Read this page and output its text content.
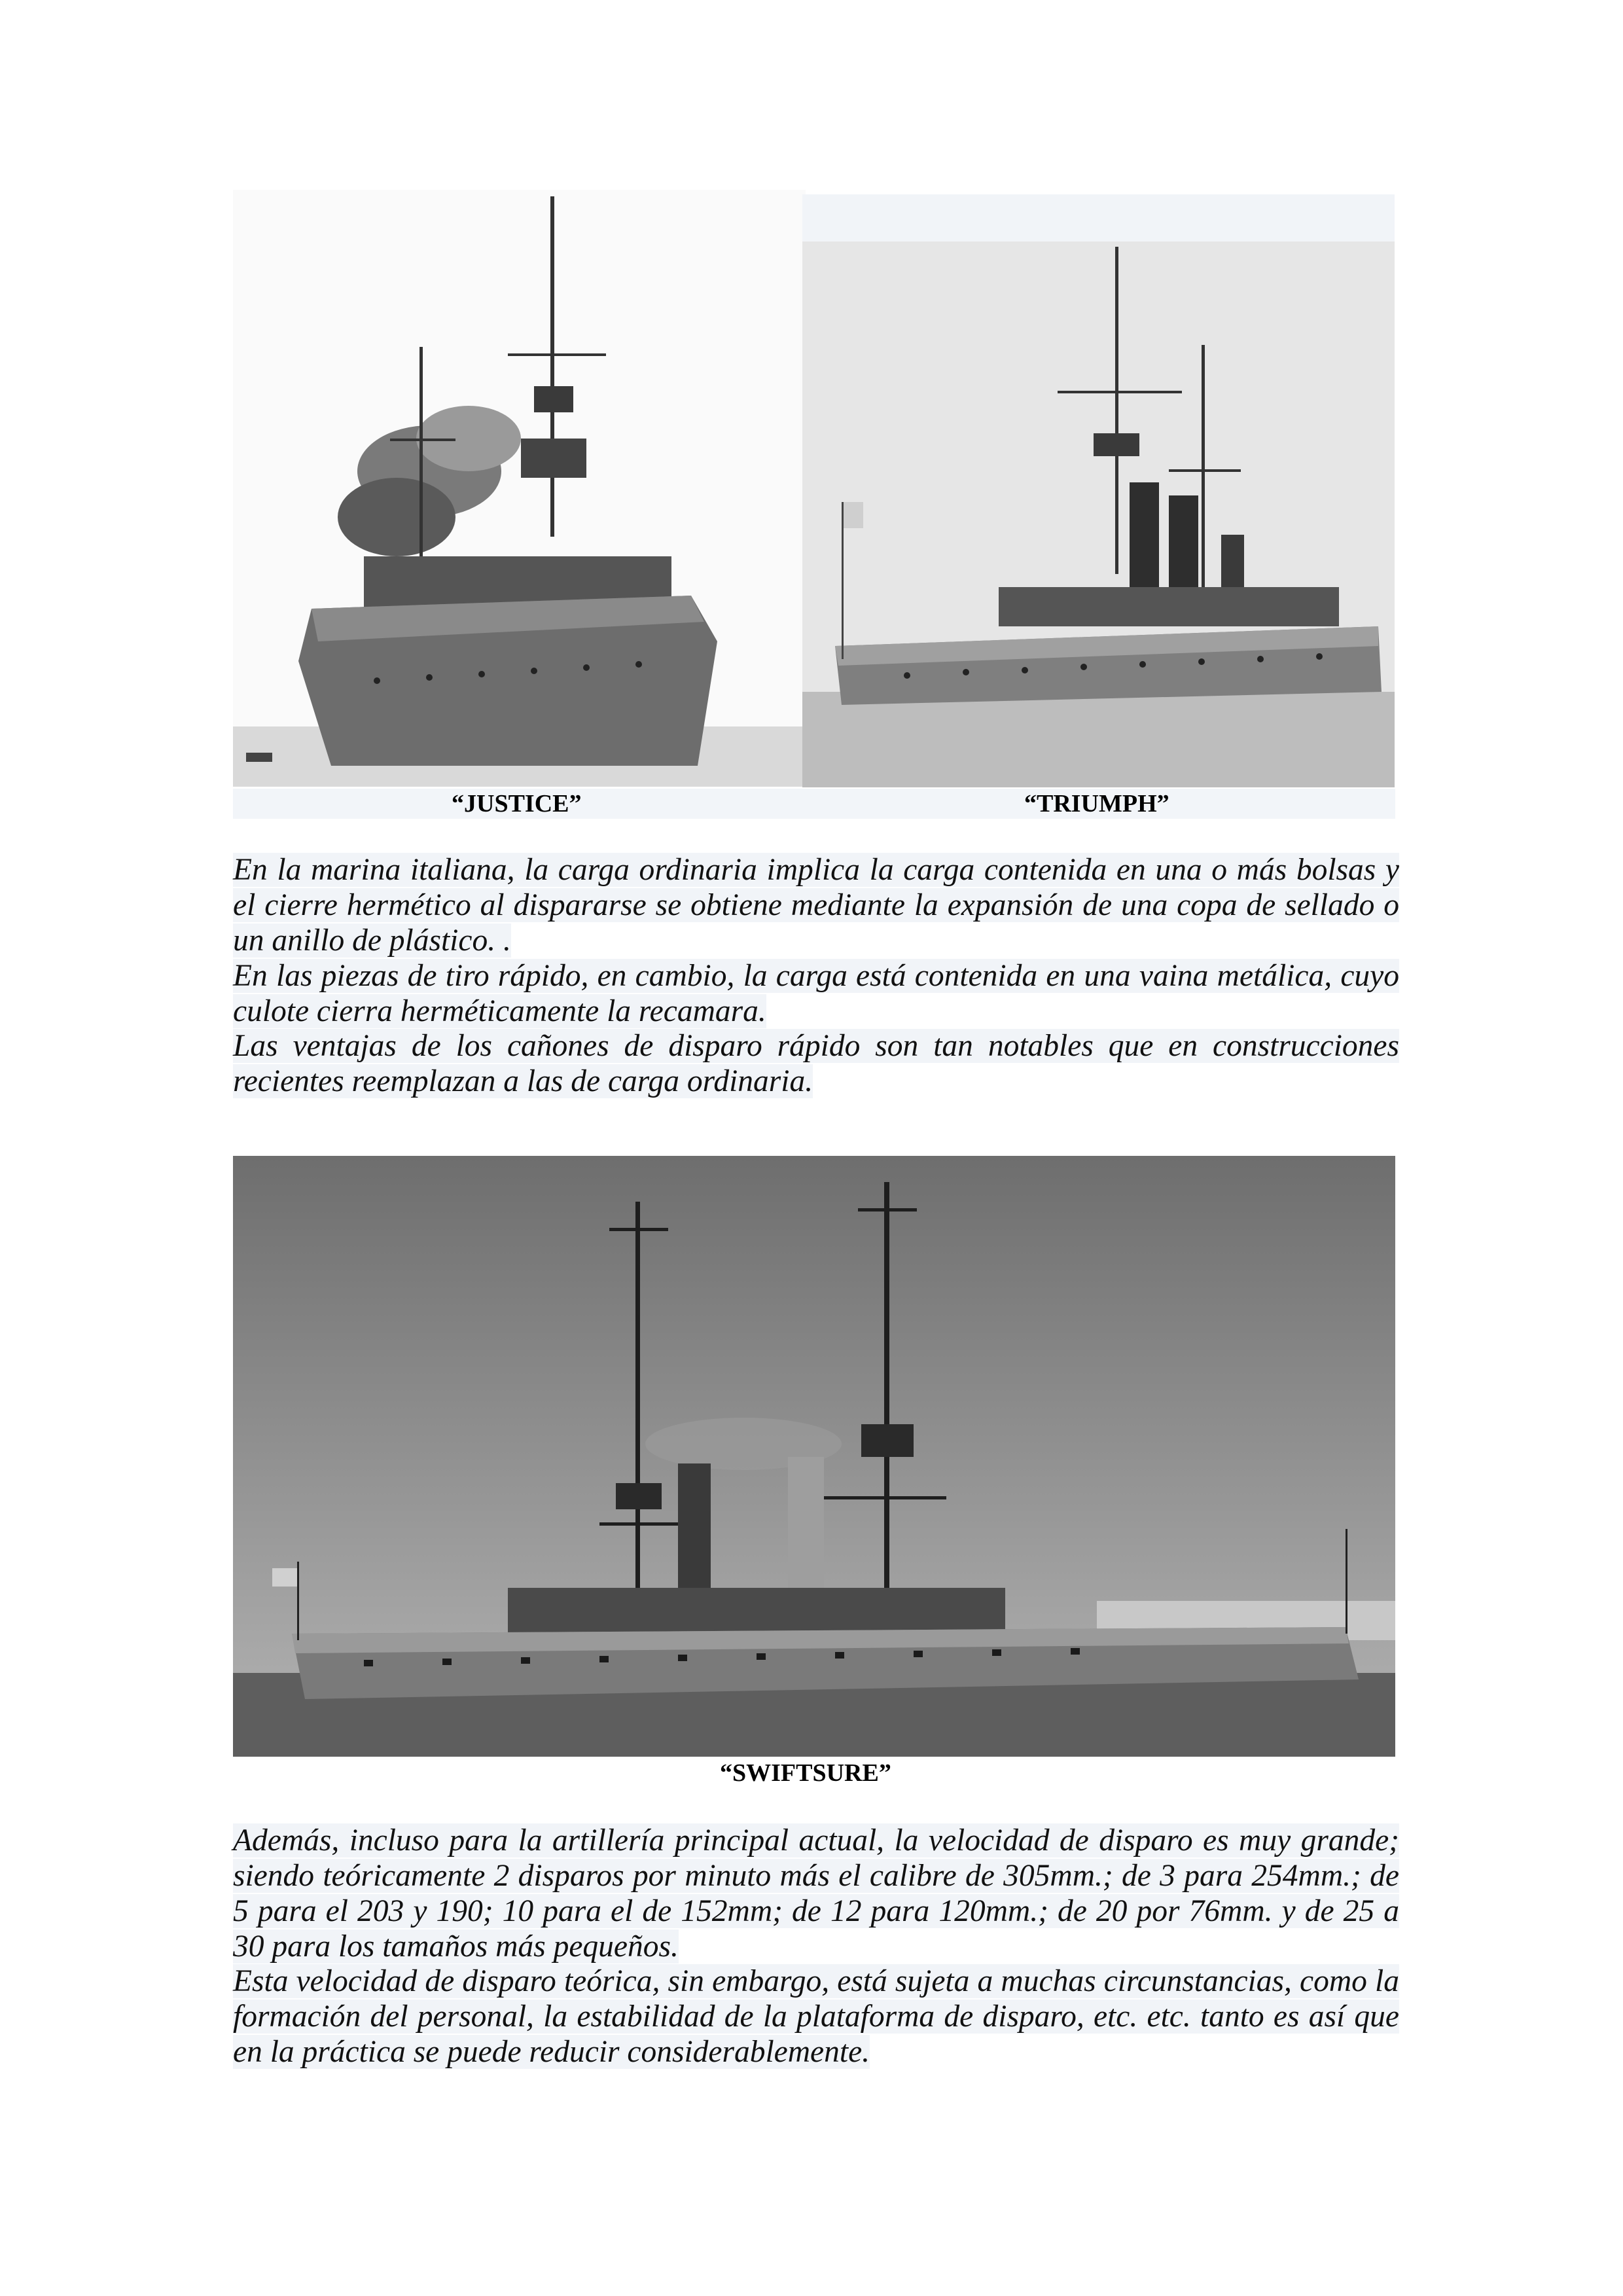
“JUSTICE”	“TRIUMPH”
En la marina italiana, la carga ordinaria implica la carga contenida en una o más bolsas y el cierre hermético al dispararse se obtiene mediante la expansión de una copa de sellado o un anillo de plástico. .
En las piezas de tiro rápido, en cambio, la carga está contenida en una vaina metálica, cuyo culote cierra herméticamente la recamara.
Las ventajas de los cañones de disparo rápido son tan notables que en construcciones recientes reemplazan a las de carga ordinaria.
“SWIFTSURE”
Además, incluso para la artillería principal actual, la velocidad de disparo es muy grande; siendo teóricamente 2 disparos por minuto más el calibre de 305mm.; de 3 para 254mm.; de 5 para el 203 y 190; 10 para el de 152mm; de 12 para 120mm.; de 20 por 76mm. y de 25 a 30 para los tamaños más pequeños.
Esta velocidad de disparo teórica, sin embargo, está sujeta a muchas circunstancias, como la formación del personal, la estabilidad de la plataforma de disparo, etc. etc. tanto es así que en la práctica se puede reducir considerablemente.
